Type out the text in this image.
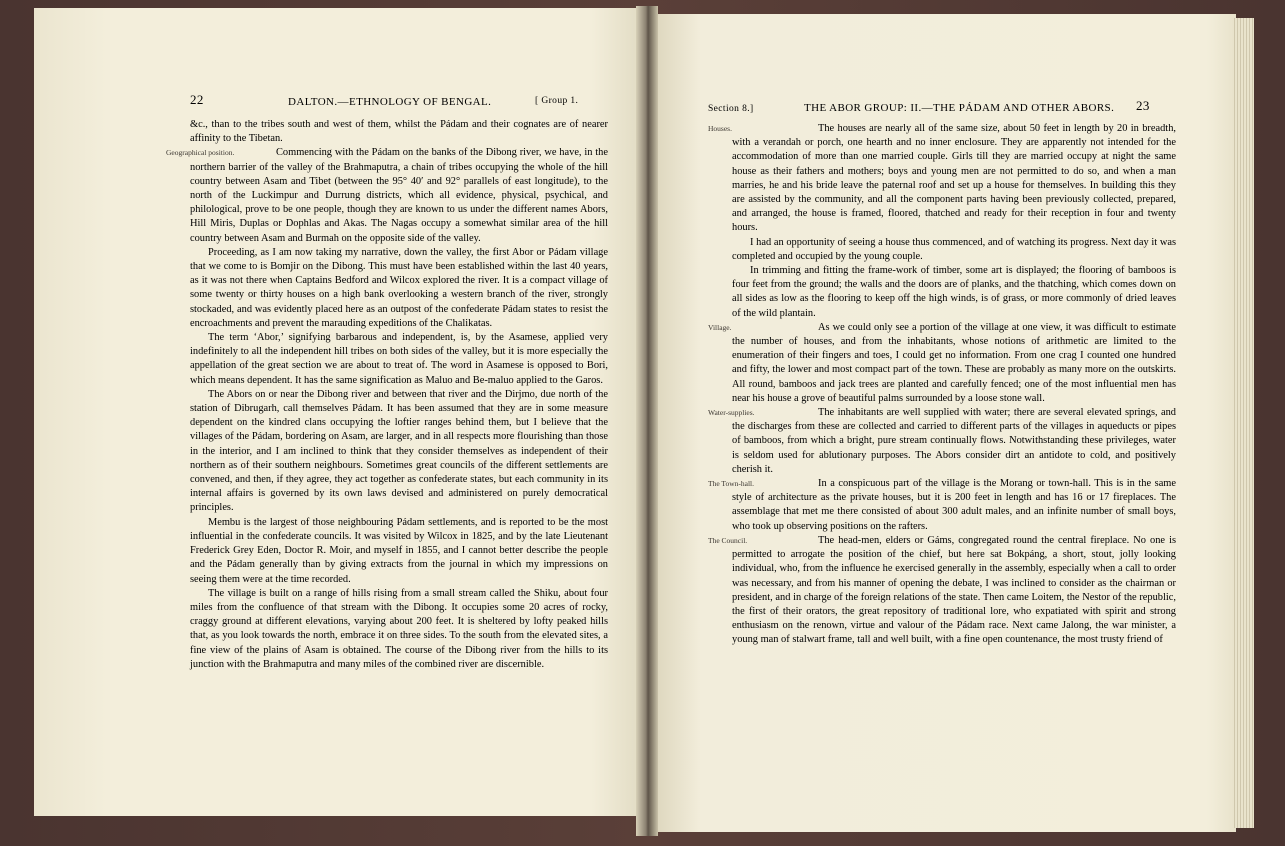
22	DALTON.—ETHNOLOGY OF BENGAL.	[ Group 1.

&c., than to the tribes south and west of them, whilst the Pádam and their cognates are of nearer affinity to the Tibetan.

Geographical position.	Commencing with the Pádam on the banks of the Dibong river, we have, in the northern barrier of the valley of the Brahmaputra, a chain of tribes occupying the whole of the hill country between Asam and Tibet (between the 95° 40′ and 92° parallels of east longitude), to the north of the Luckimpur and Durrung districts, which all evidence, physical, psychical, and philological, prove to be one people, though they are known to us under the different names Abors, Hill Miris, Duplas or Dophlas and Akas. The Nagas occupy a somewhat similar area of the hill country between Asam and Burmah on the opposite side of the valley.

Proceeding, as I am now taking my narrative, down the valley, the first Abor or Pádam village that we come to is Bomjir on the Dibong. This must have been established within the last 40 years, as it was not there when Captains Bedford and Wilcox explored the river. It is a compact village of some twenty or thirty houses on a high bank overlooking a western branch of the river, strongly stockaded, and was evidently placed here as an outpost of the confederate Pádam states to resist the encroachments and prevent the marauding expeditions of the Chalikatas.

The term ‘Abor,’ signifying barbarous and independent, is, by the Asamese, applied very indefinitely to all the independent hill tribes on both sides of the valley, but it is more especially the appellation of the great section we are about to treat of. The word in Asamese is opposed to Bori, which means dependent. It has the same signification as Maluo and Be-maluo applied to the Garos.

The Abors on or near the Dibong river and between that river and the Dirjmo, due north of the station of Dibrugarh, call themselves Pádam. It has been assumed that they are in some measure dependent on the kindred clans occupying the loftier ranges behind them, but I believe that the villages of the Pádam, bordering on Asam, are larger, and in all respects more flourishing than those in the interior, and I am inclined to think that they consider themselves as independent of their northern as of their southern neighbours. Sometimes great councils of the different settlements are convened, and then, if they agree, they act together as confederate states, but each community in its internal affairs is governed by its own laws devised and administered on purely democratical principles.

Membu is the largest of those neighbouring Pádam settlements, and is reported to be the most influential in the confederate councils. It was visited by Wilcox in 1825, and by the late Lieutenant Frederick Grey Eden, Doctor R. Moir, and myself in 1855, and I cannot better describe the people and the Pádam generally than by giving extracts from the journal in which my impressions on seeing them were at the time recorded.

The village is built on a range of hills rising from a small stream called the Shiku, about four miles from the confluence of that stream with the Dibong. It occupies some 20 acres of rocky, craggy ground at different elevations, varying about 200 feet. It is sheltered by lofty peaked hills that, as you look towards the north, embrace it on three sides. To the south from the elevated sites, a fine view of the plains of Asam is obtained. The course of the Dibong river from the hills to its junction with the Brahmaputra and many miles of the combined river are discernible.

Section 8.]	THE ABOR GROUP: II.—THE PÁDAM AND OTHER ABORS. 23

Houses.	The houses are nearly all of the same size, about 50 feet in length by 20 in breadth, with a verandah or porch, one hearth and no inner enclosure. They are apparently not intended for the accommodation of more than one married couple. Girls till they are married occupy at night the same house as their fathers and mothers; boys and young men are not permitted to do so, and when a man marries, he and his bride leave the paternal roof and set up a house for themselves. In building this they are assisted by the community, and all the component parts having been previously collected, prepared, and arranged, the house is framed, floored, thatched and ready for their reception in four and twenty hours.

I had an opportunity of seeing a house thus commenced, and of watching its progress. Next day it was completed and occupied by the young couple.

In trimming and fitting the frame-work of timber, some art is displayed; the flooring of bamboos is four feet from the ground; the walls and the doors are of planks, and the thatching, which comes down on all sides as low as the flooring to keep off the high winds, is of grass, or more commonly of dried leaves of the wild plantain.

Village.	As we could only see a portion of the village at one view, it was difficult to estimate the number of houses, and from the inhabitants, whose notions of arithmetic are limited to the enumeration of their fingers and toes, I could get no information. From one crag I counted one hundred and fifty, the lower and most compact part of the town. These are probably as many more on the outskirts. All round, bamboos and jack trees are planted and carefully fenced; one of the most influential men has near his house a grove of beautiful palms surrounded by a loose stone wall.

Water-supplies.	The inhabitants are well supplied with water; there are several elevated springs, and the discharges from these are collected and carried to different parts of the villages in aqueducts or pipes of bamboos, from which a bright, pure stream continually flows. Notwithstanding these privileges, water is seldom used for ablutionary purposes. The Abors consider dirt an antidote to cold, and positively cherish it.

The Town-hall.	In a conspicuous part of the village is the Morang or town-hall. This is in the same style of architecture as the private houses, but it is 200 feet in length and has 16 or 17 fireplaces. The assemblage that met me there consisted of about 300 adult males, and an infinite number of small boys, who took up observing positions on the rafters.

The Council.	The head-men, elders or Gáms, congregated round the central fireplace. No one is permitted to arrogate the position of the chief, but here sat Bokpáng, a short, stout, jolly looking individual, who, from the influence he exercised generally in the assembly, especially when a call to order was necessary, and from his manner of opening the debate, I was inclined to consider as the chairman or president, and in charge of the foreign relations of the state. Then came Loitem, the Nestor of the republic, the first of their orators, the great repository of traditional lore, who expatiated with spirit and strong enthusiasm on the renown, virtue and valour of the Pádam race. Next came Jalong, the war minister, a young man of stalwart frame, tall and well built, with a fine open countenance, the most trusty friend of
